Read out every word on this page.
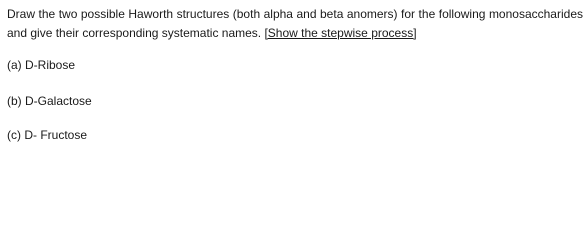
Draw the two possible Haworth structures (both alpha and beta anomers) for the following monosaccharides and give their corresponding systematic names. [Show the stepwise process]
(a) D-Ribose
(b) D-Galactose
(c) D- Fructose
